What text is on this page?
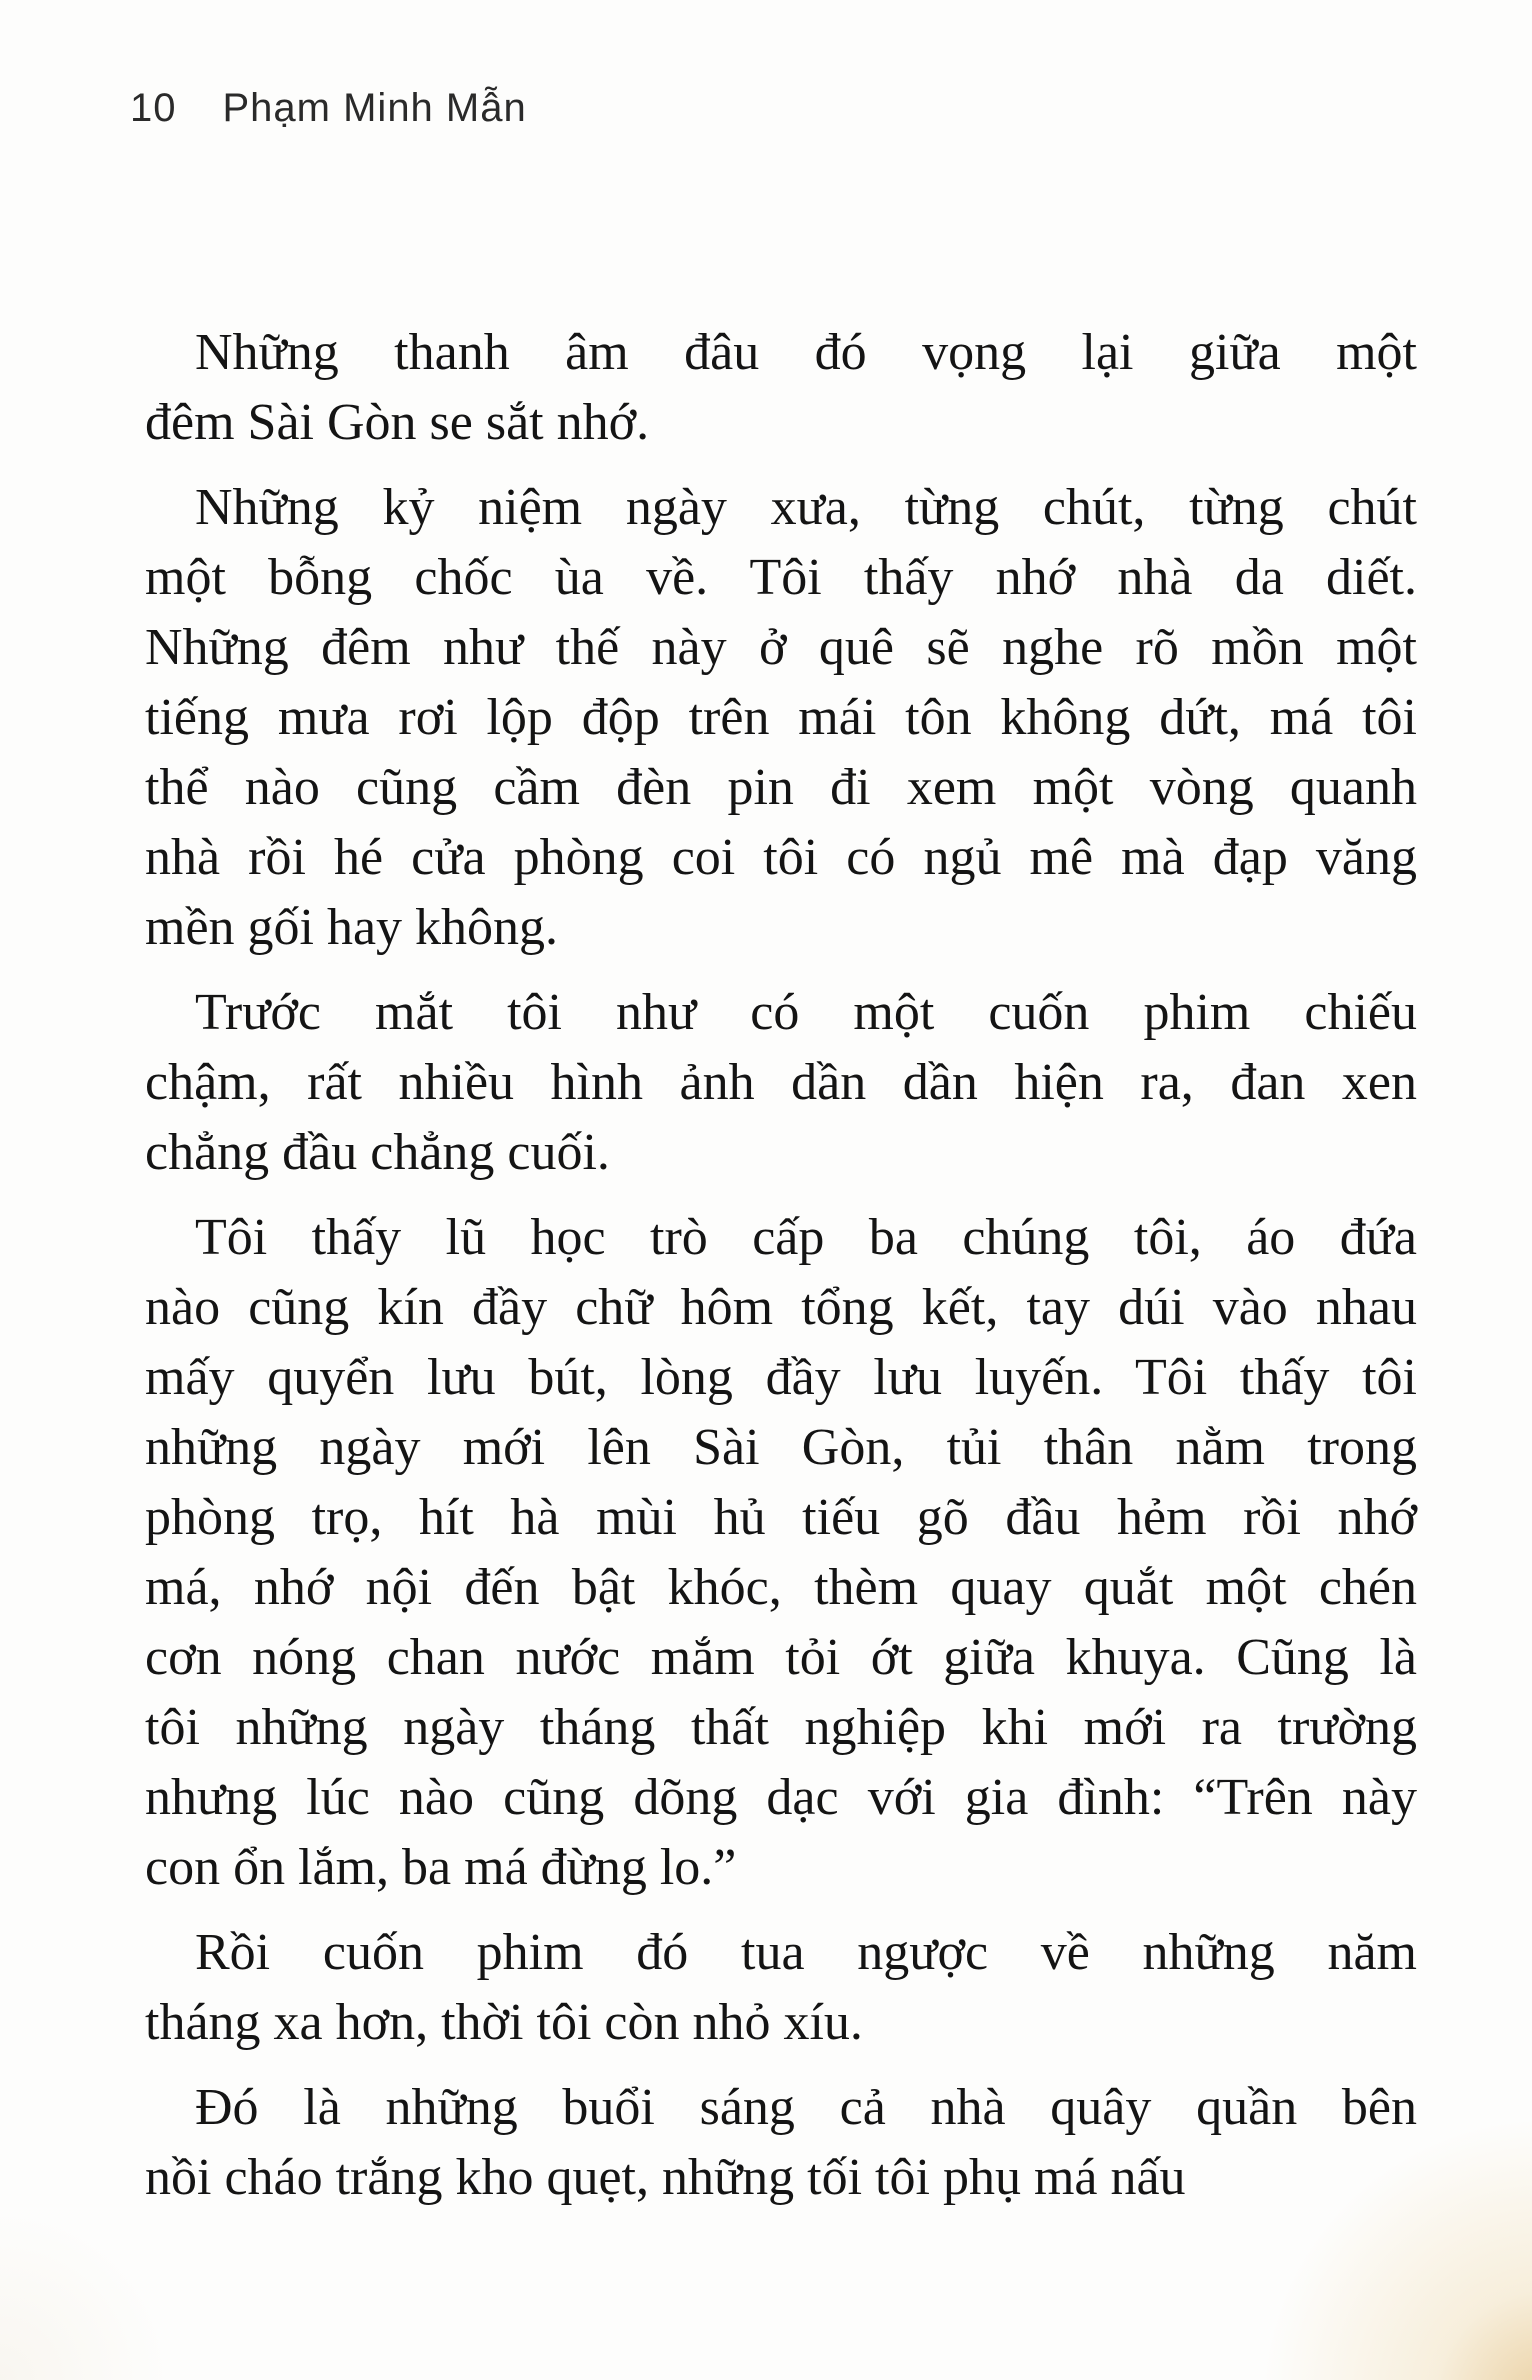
10 Phạm Minh Mẫn

Những thanh âm đâu đó vọng lại giữa một
đêm Sài Gòn se sắt nhớ.

Những kỷ niệm ngày xưa, từng chút, từng chút
một bỗng chốc ùa về. Tôi thấy nhớ nhà da diết.
Những đêm như thế này ở quê sẽ nghe rõ mồn một
tiếng mưa rơi lộp độp trên mái tôn không dứt, má tôi
thể nào cũng cầm đèn pin đi xem một vòng quanh
nhà rồi hé cửa phòng coi tôi có ngủ mê mà đạp văng
mền gối hay không.

Trước mắt tôi như có một cuốn phim chiếu
chậm, rất nhiều hình ảnh dần dần hiện ra, đan xen
chẳng đầu chẳng cuối.

Tôi thấy lũ học trò cấp ba chúng tôi, áo đứa
nào cũng kín đầy chữ hôm tổng kết, tay dúi vào nhau
mấy quyển lưu bút, lòng đầy lưu luyến. Tôi thấy tôi
những ngày mới lên Sài Gòn, tủi thân nằm trong
phòng trọ, hít hà mùi hủ tiếu gõ đầu hẻm rồi nhớ
má, nhớ nội đến bật khóc, thèm quay quắt một chén
cơn nóng chan nước mắm tỏi ớt giữa khuya. Cũng là
tôi những ngày tháng thất nghiệp khi mới ra trường
nhưng lúc nào cũng dõng dạc với gia đình: “Trên này
con ổn lắm, ba má đừng lo.”

Rồi cuốn phim đó tua ngược về những năm
tháng xa hơn, thời tôi còn nhỏ xíu.

Đó là những buổi sáng cả nhà quây quần bên
nồi cháo trắng kho quẹt, những tối tôi phụ má nấu
